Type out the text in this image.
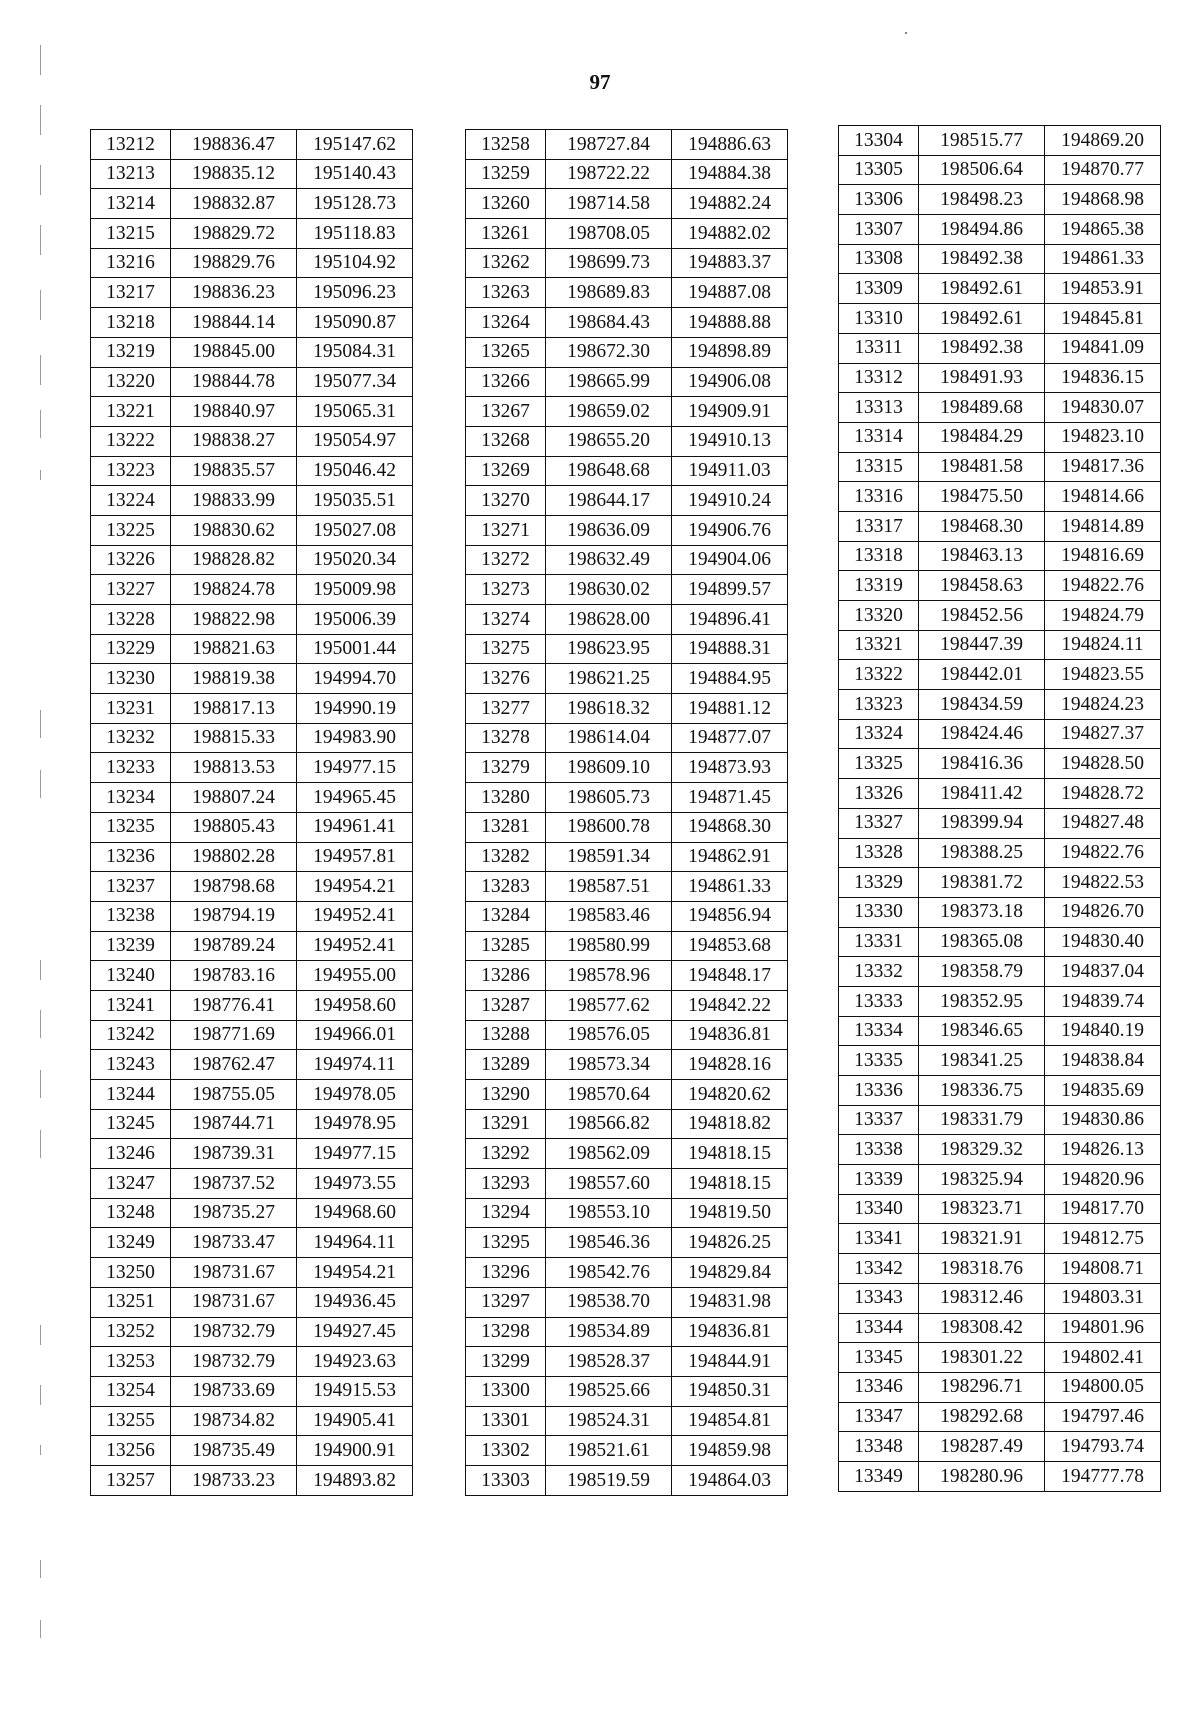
97
13212	198836.47	195147.62
13213	198835.12	195140.43
13214	198832.87	195128.73
13215	198829.72	195118.83
13216	198829.76	195104.92
13217	198836.23	195096.23
13218	198844.14	195090.87
13219	198845.00	195084.31
13220	198844.78	195077.34
13221	198840.97	195065.31
13222	198838.27	195054.97
13223	198835.57	195046.42
13224	198833.99	195035.51
13225	198830.62	195027.08
13226	198828.82	195020.34
13227	198824.78	195009.98
13228	198822.98	195006.39
13229	198821.63	195001.44
13230	198819.38	194994.70
13231	198817.13	194990.19
13232	198815.33	194983.90
13233	198813.53	194977.15
13234	198807.24	194965.45
13235	198805.43	194961.41
13236	198802.28	194957.81
13237	198798.68	194954.21
13238	198794.19	194952.41
13239	198789.24	194952.41
13240	198783.16	194955.00
13241	198776.41	194958.60
13242	198771.69	194966.01
13243	198762.47	194974.11
13244	198755.05	194978.05
13245	198744.71	194978.95
13246	198739.31	194977.15
13247	198737.52	194973.55
13248	198735.27	194968.60
13249	198733.47	194964.11
13250	198731.67	194954.21
13251	198731.67	194936.45
13252	198732.79	194927.45
13253	198732.79	194923.63
13254	198733.69	194915.53
13255	198734.82	194905.41
13256	198735.49	194900.91
13257	198733.23	194893.82
13258	198727.84	194886.63
13259	198722.22	194884.38
13260	198714.58	194882.24
13261	198708.05	194882.02
13262	198699.73	194883.37
13263	198689.83	194887.08
13264	198684.43	194888.88
13265	198672.30	194898.89
13266	198665.99	194906.08
13267	198659.02	194909.91
13268	198655.20	194910.13
13269	198648.68	194911.03
13270	198644.17	194910.24
13271	198636.09	194906.76
13272	198632.49	194904.06
13273	198630.02	194899.57
13274	198628.00	194896.41
13275	198623.95	194888.31
13276	198621.25	194884.95
13277	198618.32	194881.12
13278	198614.04	194877.07
13279	198609.10	194873.93
13280	198605.73	194871.45
13281	198600.78	194868.30
13282	198591.34	194862.91
13283	198587.51	194861.33
13284	198583.46	194856.94
13285	198580.99	194853.68
13286	198578.96	194848.17
13287	198577.62	194842.22
13288	198576.05	194836.81
13289	198573.34	194828.16
13290	198570.64	194820.62
13291	198566.82	194818.82
13292	198562.09	194818.15
13293	198557.60	194818.15
13294	198553.10	194819.50
13295	198546.36	194826.25
13296	198542.76	194829.84
13297	198538.70	194831.98
13298	198534.89	194836.81
13299	198528.37	194844.91
13300	198525.66	194850.31
13301	198524.31	194854.81
13302	198521.61	194859.98
13303	198519.59	194864.03
13304	198515.77	194869.20
13305	198506.64	194870.77
13306	198498.23	194868.98
13307	198494.86	194865.38
13308	198492.38	194861.33
13309	198492.61	194853.91
13310	198492.61	194845.81
13311	198492.38	194841.09
13312	198491.93	194836.15
13313	198489.68	194830.07
13314	198484.29	194823.10
13315	198481.58	194817.36
13316	198475.50	194814.66
13317	198468.30	194814.89
13318	198463.13	194816.69
13319	198458.63	194822.76
13320	198452.56	194824.79
13321	198447.39	194824.11
13322	198442.01	194823.55
13323	198434.59	194824.23
13324	198424.46	194827.37
13325	198416.36	194828.50
13326	198411.42	194828.72
13327	198399.94	194827.48
13328	198388.25	194822.76
13329	198381.72	194822.53
13330	198373.18	194826.70
13331	198365.08	194830.40
13332	198358.79	194837.04
13333	198352.95	194839.74
13334	198346.65	194840.19
13335	198341.25	194838.84
13336	198336.75	194835.69
13337	198331.79	194830.86
13338	198329.32	194826.13
13339	198325.94	194820.96
13340	198323.71	194817.70
13341	198321.91	194812.75
13342	198318.76	194808.71
13343	198312.46	194803.31
13344	198308.42	194801.96
13345	198301.22	194802.41
13346	198296.71	194800.05
13347	198292.68	194797.46
13348	198287.49	194793.74
13349	198280.96	194777.78
